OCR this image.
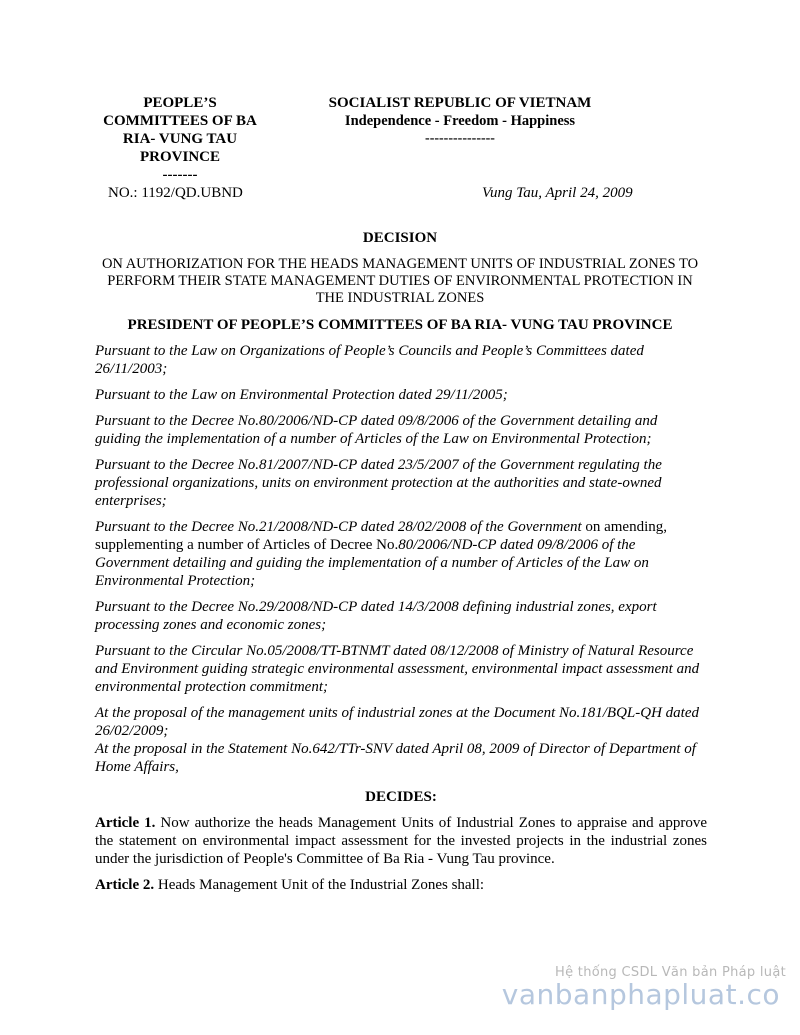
PEOPLE’S
COMMITTEES OF BA
RIA- VUNG TAU
PROVINCE
-------
SOCIALIST REPUBLIC OF VIETNAM
Independence - Freedom - Happiness
---------------
NO.: 1192/QD.UBND	Vung Tau, April 24, 2009
DECISION
ON AUTHORIZATION FOR THE HEADS MANAGEMENT UNITS OF INDUSTRIAL ZONES TO PERFORM THEIR STATE MANAGEMENT DUTIES OF ENVIRONMENTAL PROTECTION IN THE INDUSTRIAL ZONES
PRESIDENT OF PEOPLE’S COMMITTEES OF BA RIA- VUNG TAU PROVINCE

Pursuant to the Law on Organizations of People’s Councils and People’s Committees dated 26/11/2003;

Pursuant to the Law on Environmental Protection dated 29/11/2005;

Pursuant to the Decree No.80/2006/ND-CP dated 09/8/2006 of the Government detailing and guiding the implementation of a number of Articles of the Law on Environmental Protection;

Pursuant to the Decree No.81/2007/ND-CP dated 23/5/2007 of the Government regulating the professional organizations, units on environment protection at the authorities and state-owned enterprises;

Pursuant to the Decree No.21/2008/ND-CP dated 28/02/2008 of the Government on amending, supplementing a number of Articles of Decree No.80/2006/ND-CP dated 09/8/2006 of the Government detailing and guiding the implementation of a number of Articles of the Law on Environmental Protection;

Pursuant to the Decree No.29/2008/ND-CP dated 14/3/2008 defining industrial zones, export processing zones and economic zones;

Pursuant to the Circular No.05/2008/TT-BTNMT dated 08/12/2008 of Ministry of Natural Resource and Environment guiding strategic environmental assessment, environmental impact assessment and environmental protection commitment;

At the proposal of the management units of industrial zones at the Document No.181/BQL-QH dated 26/02/2009;

At the proposal in the Statement No.642/TTr-SNV dated April 08, 2009 of Director of Department of Home Affairs,

DECIDES:

Article 1. Now authorize the heads Management Units of Industrial Zones to appraise and approve the statement on environmental impact assessment for the invested projects in the industrial zones under the jurisdiction of People's Committee of Ba Ria - Vung Tau province.

Article 2. Heads Management Unit of the Industrial Zones shall:

Hệ thống CSDL Văn bản Pháp luật
vanbanphapluat.co
